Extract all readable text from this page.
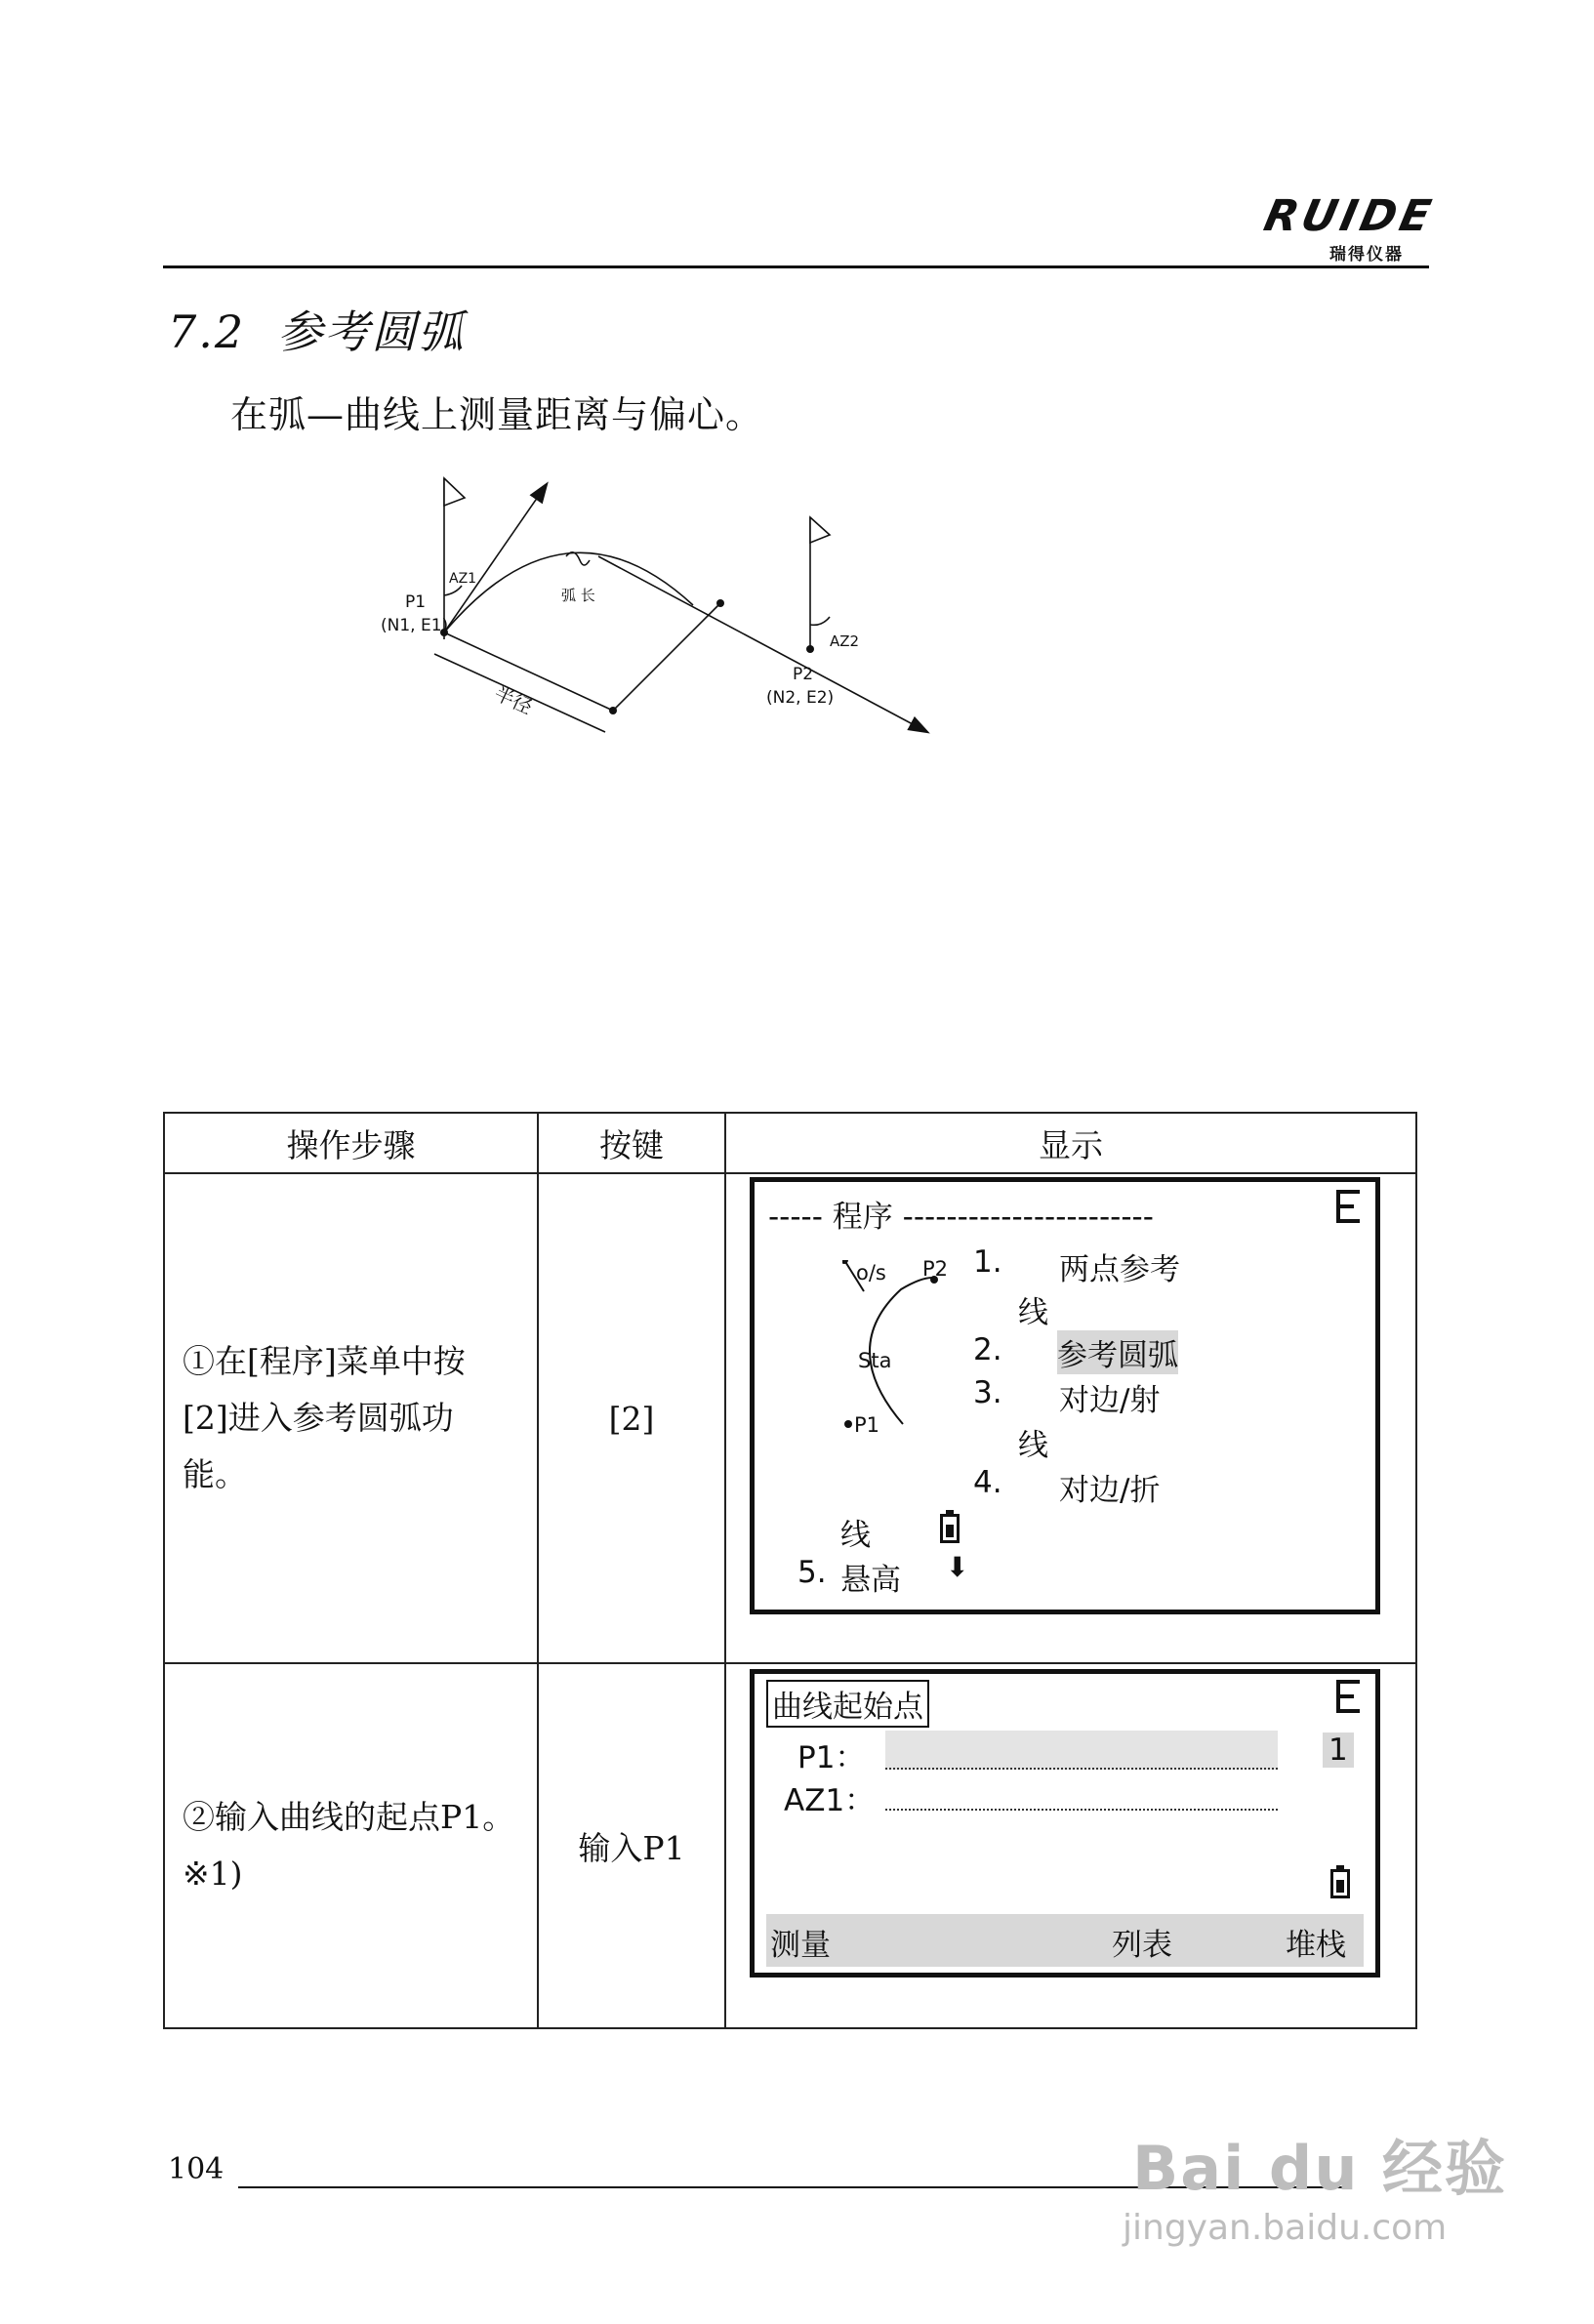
RUIDE
瑞得仪器
7.2 参考圆弧
在弧—曲线上测量距离与偏心。
P1
(N1, E1)
AZ1
弧 长
AZ2
P2
(N2, E2)
半径
操作步骤	按键	显示

①在[程序]菜单中按
[2]进入参考圆弧功
能。	[2]	

②输入曲线的起点P1。
※1)	输入P1	
----- 程序 -----------------------
o/s P2
Sta
P1
1. 两点参考
线
2. 参考圆弧
3. 对边/射
线
4. 对边/折
线
5. 悬高 ⬇
曲线起始点
P1：	1
AZ1：
测量	列表	堆栈
104	Bai du 经验
jingyan.baidu.com
